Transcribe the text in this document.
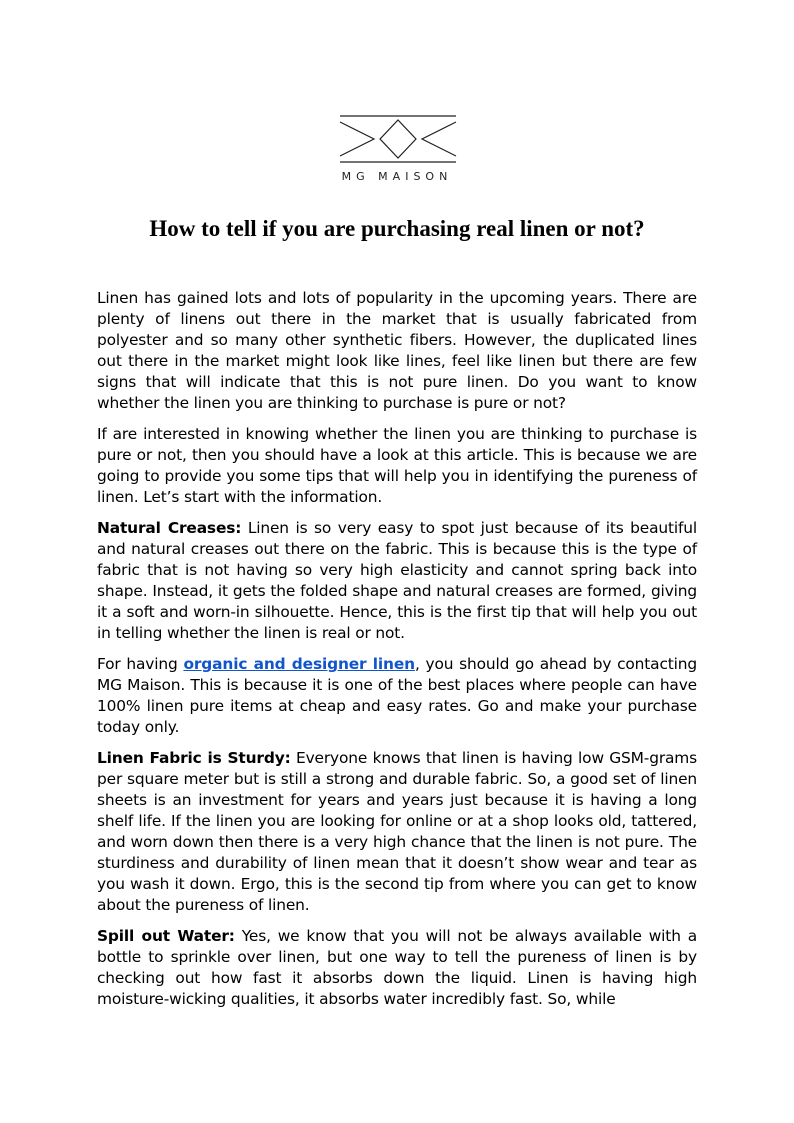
MG MAISON
How to tell if you are purchasing real linen or not?

Linen has gained lots and lots of popularity in the upcoming years. There are plenty of linens out there in the market that is usually fabricated from polyester and so many other synthetic fibers. However, the duplicated lines out there in the market might look like lines, feel like linen but there are few signs that will indicate that this is not pure linen. Do you want to know whether the linen you are thinking to purchase is pure or not?

If are interested in knowing whether the linen you are thinking to purchase is pure or not, then you should have a look at this article. This is because we are going to provide you some tips that will help you in identifying the pureness of linen. Let’s start with the information.

Natural Creases: Linen is so very easy to spot just because of its beautiful and natural creases out there on the fabric. This is because this is the type of fabric that is not having so very high elasticity and cannot spring back into shape. Instead, it gets the folded shape and natural creases are formed, giving it a soft and worn-in silhouette. Hence, this is the first tip that will help you out in telling whether the linen is real or not.

For having organic and designer linen, you should go ahead by contacting MG Maison. This is because it is one of the best places where people can have 100% linen pure items at cheap and easy rates. Go and make your purchase today only.

Linen Fabric is Sturdy: Everyone knows that linen is having low GSM-grams per square meter but is still a strong and durable fabric. So, a good set of linen sheets is an investment for years and years just because it is having a long shelf life. If the linen you are looking for online or at a shop looks old, tattered, and worn down then there is a very high chance that the linen is not pure. The sturdiness and durability of linen mean that it doesn’t show wear and tear as you wash it down. Ergo, this is the second tip from where you can get to know about the pureness of linen.

Spill out Water: Yes, we know that you will not be always available with a bottle to sprinkle over linen, but one way to tell the pureness of linen is by checking out how fast it absorbs down the liquid. Linen is having high moisture-wicking qualities, it absorbs water incredibly fast. So, while
